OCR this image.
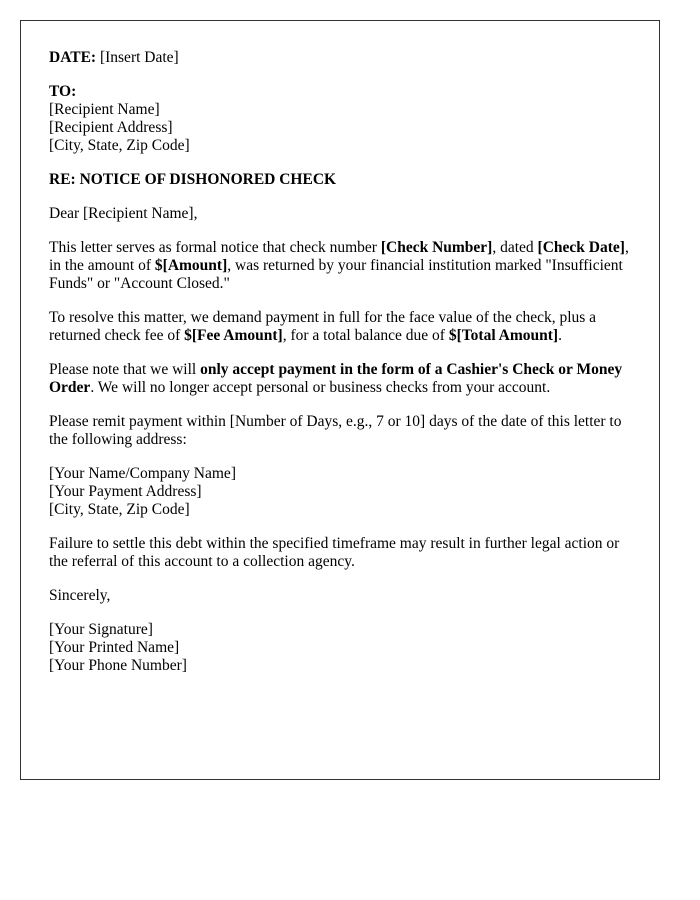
DATE: [Insert Date]
TO:
[Recipient Name]
[Recipient Address]
[City, State, Zip Code]
RE: NOTICE OF DISHONORED CHECK
Dear [Recipient Name],
This letter serves as formal notice that check number [Check Number], dated [Check Date], in the amount of $[Amount], was returned by your financial institution marked "Insufficient Funds" or "Account Closed."
To resolve this matter, we demand payment in full for the face value of the check, plus a returned check fee of $[Fee Amount], for a total balance due of $[Total Amount].
Please note that we will only accept payment in the form of a Cashier's Check or Money Order. We will no longer accept personal or business checks from your account.
Please remit payment within [Number of Days, e.g., 7 or 10] days of the date of this letter to the following address:
[Your Name/Company Name]
[Your Payment Address]
[City, State, Zip Code]
Failure to settle this debt within the specified timeframe may result in further legal action or the referral of this account to a collection agency.
Sincerely,
[Your Signature]
[Your Printed Name]
[Your Phone Number]
